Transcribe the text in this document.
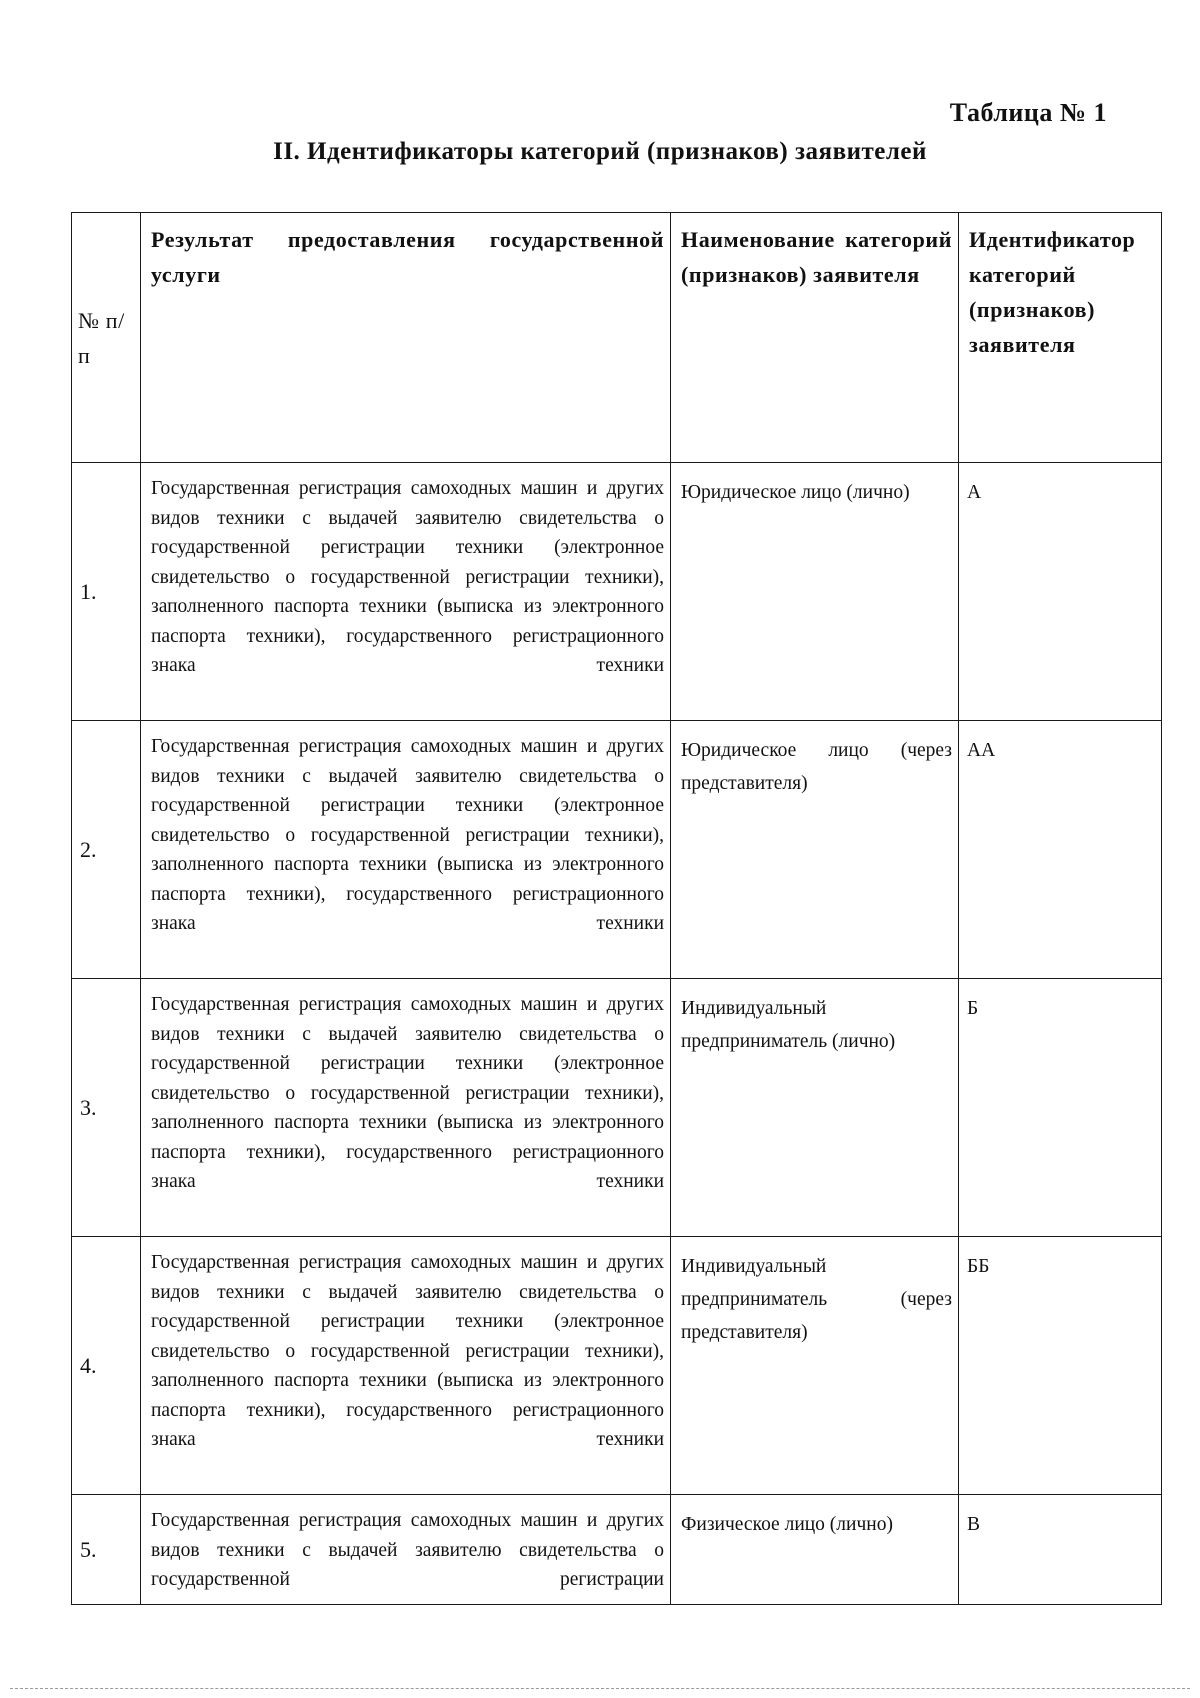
Таблица № 1
II. Идентификаторы категорий (признаков) заявителей
№ п/п	Результат предоставления государственной услуги	Наименование категорий (признаков) заявителя	Идентификатор категорий (признаков) заявителя
1.	Государственная регистрация самоходных машин и других видов техники с выдачей заявителю свидетельства о государственной регистрации техники (электронное свидетельство о государственной регистрации техники), заполненного паспорта техники (выписка из электронного паспорта техники), государственного регистрационного знака техники	Юридическое лицо (лично)	А
2.	Государственная регистрация самоходных машин и других видов техники с выдачей заявителю свидетельства о государственной регистрации техники (электронное свидетельство о государственной регистрации техники), заполненного паспорта техники (выписка из электронного паспорта техники), государственного регистрационного знака техники	Юридическое лицо (через представителя)	АА
3.	Государственная регистрация самоходных машин и других видов техники с выдачей заявителю свидетельства о государственной регистрации техники (электронное свидетельство о государственной регистрации техники), заполненного паспорта техники (выписка из электронного паспорта техники), государственного регистрационного знака техники	Индивидуальный предприниматель (лично)	Б
4.	Государственная регистрация самоходных машин и других видов техники с выдачей заявителю свидетельства о государственной регистрации техники (электронное свидетельство о государственной регистрации техники), заполненного паспорта техники (выписка из электронного паспорта техники), государственного регистрационного знака техники	Индивидуальный предприниматель (через представителя)	ББ
5.	Государственная регистрация самоходных машин и других видов техники с выдачей заявителю свидетельства о государственной регистрации	Физическое лицо (лично)	В
